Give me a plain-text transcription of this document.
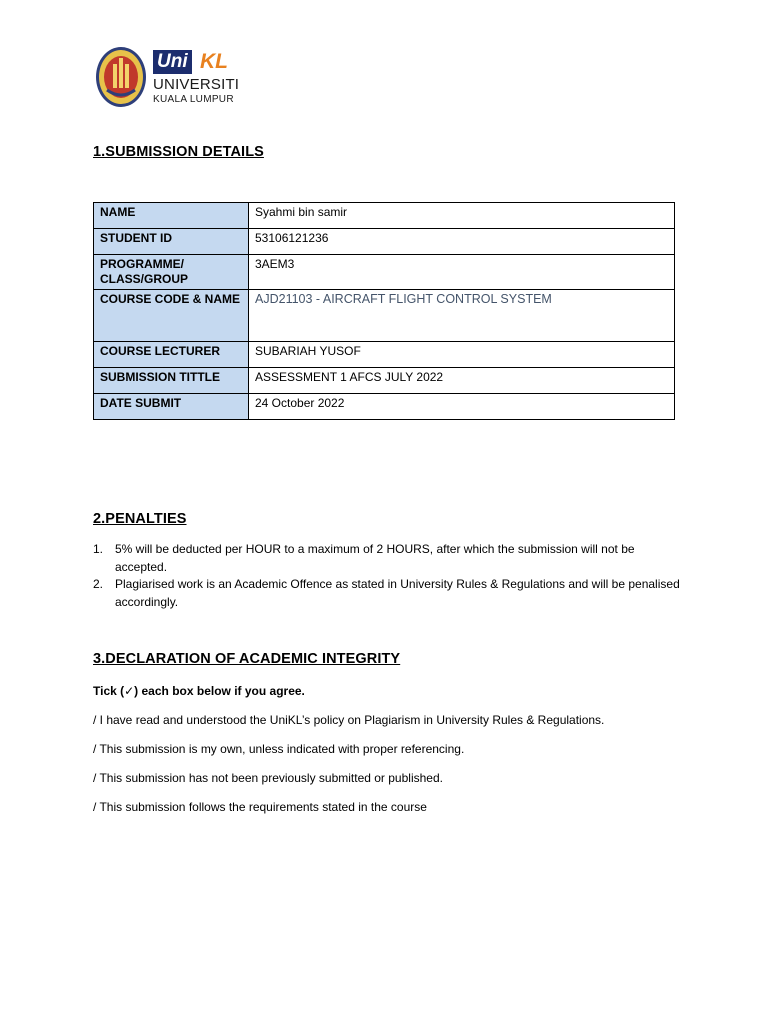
Uni KL
UNIVERSITI
KUALA LUMPUR
1.SUBMISSION DETAILS
NAME	Syahmi bin samir
STUDENT ID	53106121236
PROGRAMME/ CLASS/GROUP	3AEM3
COURSE CODE & NAME	AJD21103 - AIRCRAFT FLIGHT CONTROL SYSTEM
COURSE LECTURER	SUBARIAH YUSOF
SUBMISSION TITTLE	ASSESSMENT 1 AFCS JULY 2022
DATE SUBMIT	24 October 2022
2.PENALTIES
1. 5% will be deducted per HOUR to a maximum of 2 HOURS, after which the submission will not be accepted.
2. Plagiarised work is an Academic Offence as stated in University Rules & Regulations and will be penalised accordingly.
3.DECLARATION OF ACADEMIC INTEGRITY

Tick (✓) each box below if you agree.

/ I have read and understood the UniKL’s policy on Plagiarism in University Rules & Regulations.

/ This submission is my own, unless indicated with proper referencing.

/ This submission has not been previously submitted or published.

/ This submission follows the requirements stated in the course
